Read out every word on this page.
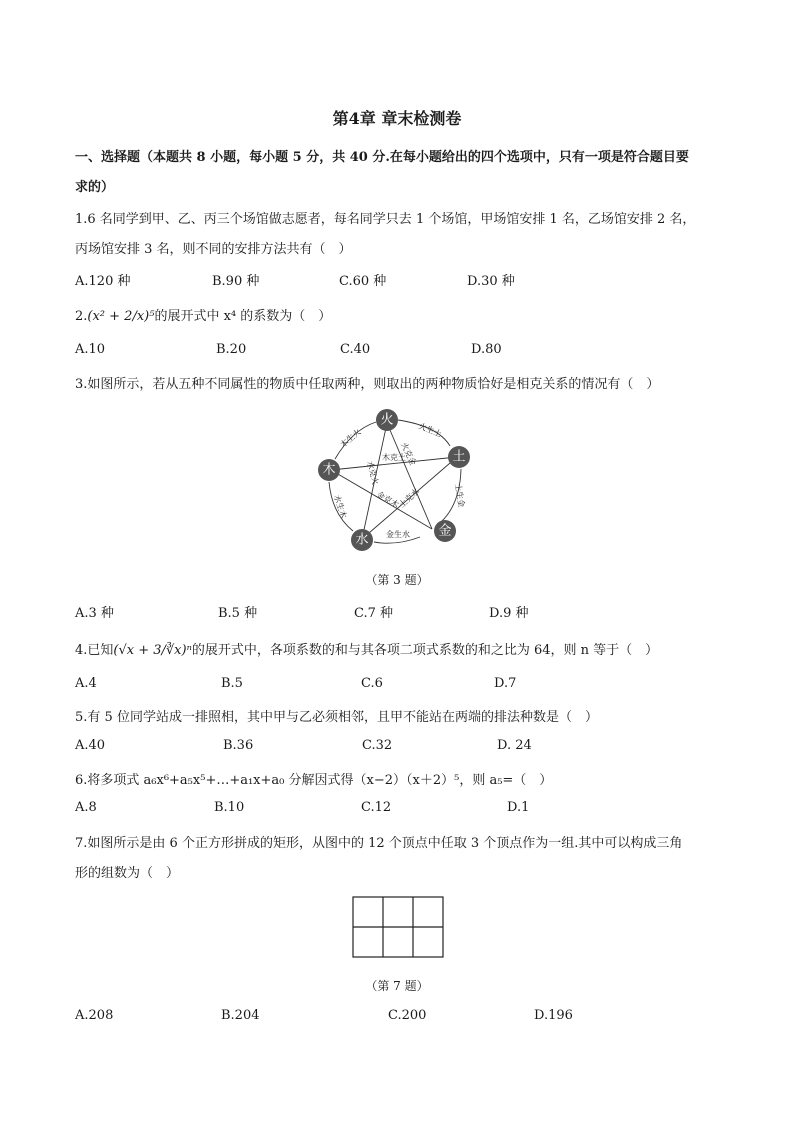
第4章 章末检测卷
一、选择题（本题共 8 小题，每小题 5 分，共 40 分.在每小题给出的四个选项中，只有一项是符合题目要
求的）
1.6 名同学到甲、乙、丙三个场馆做志愿者，每名同学只去 1 个场馆，甲场馆安排 1 名，乙场馆安排 2 名，
丙场馆安排 3 名，则不同的安排方法共有（　）
A.120 种	B.90 种	C.60 种	D.30 种
2.(x² + 2/x)⁵的展开式中 x⁴ 的系数为（　）
A.10	B.20	C.40	D.80
3.如图所示，若从五种不同属性的物质中任取两种，则取出的两种物质恰好是相克关系的情况有（　）
火生土
土生金
金生水
水生木
木生火
木克土
火克金
土克水
金克木
水克火
火
土
金
水
木
（第 3 题）
A.3 种	B.5 种	C.7 种	D.9 种
4.已知(√x + 3/∛x)ⁿ的展开式中，各项系数的和与其各项二项式系数的和之比为 64，则 n 等于（　）
A.4	B.5	C.6	D.7
5.有 5 位同学站成一排照相，其中甲与乙必须相邻，且甲不能站在两端的排法种数是（　）
A.40	B.36	C.32	D. 24
6.将多项式 a₆x⁶+a₅x⁵+…+a₁x+a₀ 分解因式得（x−2）（x＋2）⁵，则 a₅=（　）
A.8	B.10	C.12	D.1
7.如图所示是由 6 个正方形拼成的矩形，从图中的 12 个顶点中任取 3 个顶点作为一组.其中可以构成三角
形的组数为（　）
（第 7 题）
A.208	B.204	C.200	D.196
